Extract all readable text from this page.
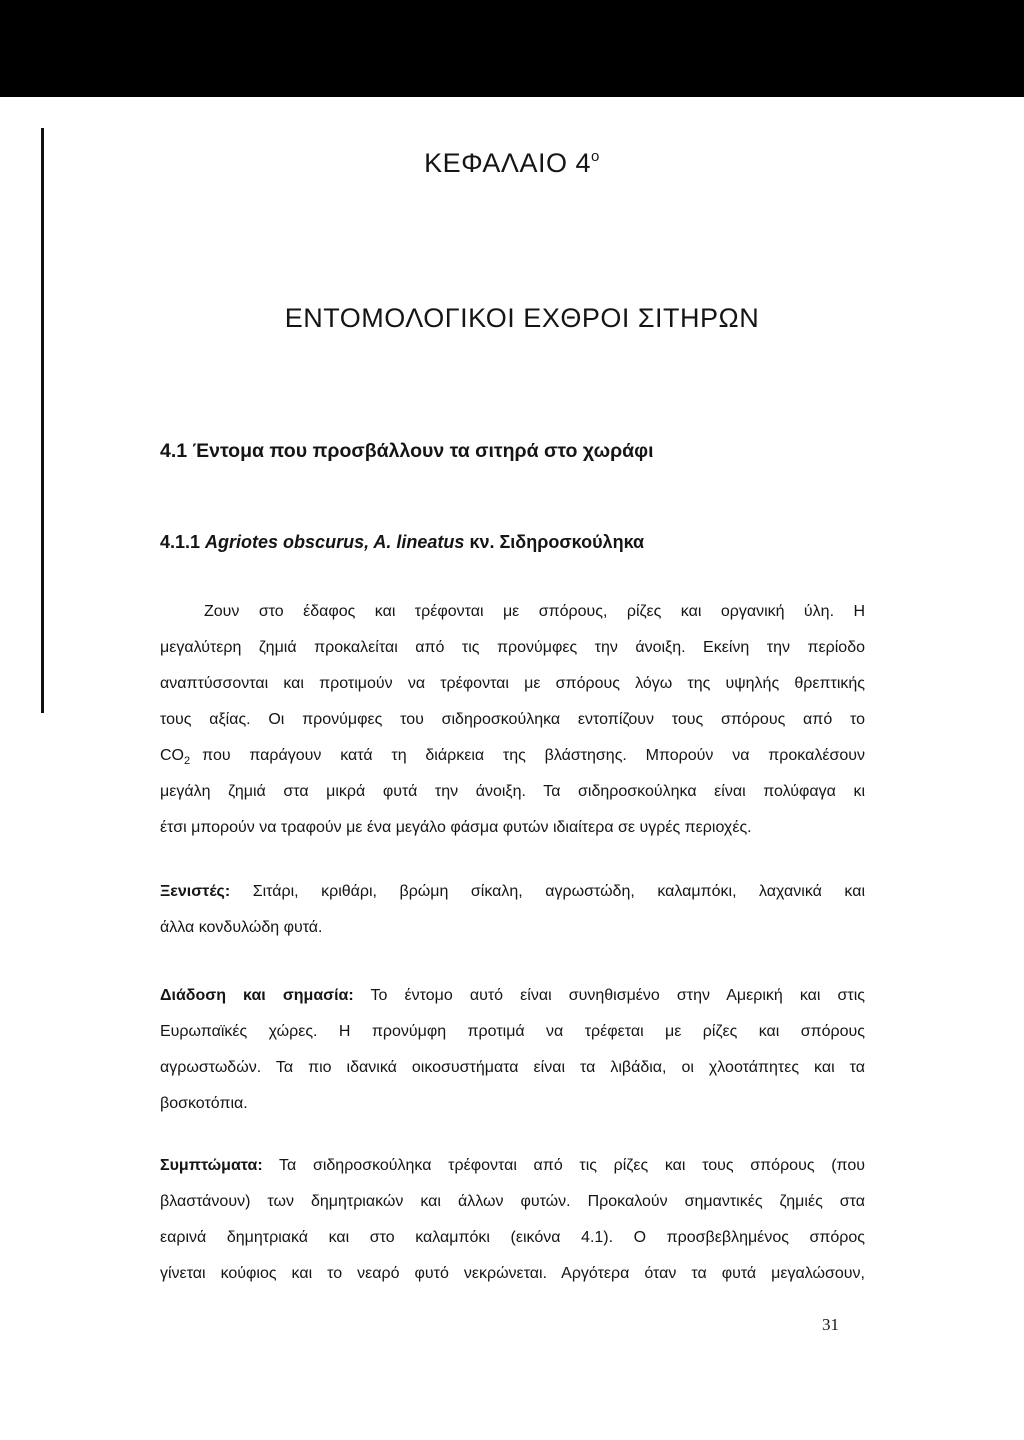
ΚΕΦΑΛΑΙΟ $4^o$
ΕΝΤΟΜΟΛΟΓΙΚΟΙ ΕΧΘΡΟΙ ΣΙΤΗΡΩΝ
4.1 Έντομα που προσβάλλουν τα σιτηρά στο χωράφι
4.1.1 Agriotes obscurus, A. lineatus κν. Σιδηροσκούληκα
Ζουν στο έδαφος και τρέφονται με σπόρους, ρίζες και οργανική ύλη. Η
μεγαλύτερη ζημιά προκαλείται από τις προνύμφες την άνοιξη. Εκείνη την περίοδο
αναπτύσσονται και προτιμούν να τρέφονται με σπόρους λόγω της υψηλής θρεπτικής
τους αξίας. Οι προνύμφες του σιδηροσκούληκα εντοπίζουν τους σπόρους από το
$CO_2$ που παράγουν κατά τη διάρκεια της βλάστησης. Μπορούν να προκαλέσουν
μεγάλη ζημιά στα μικρά φυτά την άνοιξη. Τα σιδηροσκούληκα είναι πολύφαγα κι
έτσι μπορούν να τραφούν με ένα μεγάλο φάσμα φυτών ιδιαίτερα σε υγρές περιοχές.
Ξενιστές: Σιτάρι, κριθάρι, βρώμη σίκαλη, αγρωστώδη, καλαμπόκι, λαχανικά και
άλλα κονδυλώδη φυτά.
Διάδοση και σημασία: Το έντομο αυτό είναι συνηθισμένο στην Αμερική και στις
Ευρωπαϊκές χώρες. Η προνύμφη προτιμά να τρέφεται με ρίζες και σπόρους
αγρωστωδών. Τα πιο ιδανικά οικοσυστήματα είναι τα λιβάδια, οι χλοοτάπητες και τα
βοσκοτόπια.
Συμπτώματα: Τα σιδηροσκούληκα τρέφονται από τις ρίζες και τους σπόρους (που
βλαστάνουν) των δημητριακών και άλλων φυτών. Προκαλούν σημαντικές ζημιές στα
εαρινά δημητριακά και στο καλαμπόκι (εικόνα 4.1). Ο προσβεβλημένος σπόρος
γίνεται κούφιος και το νεαρό φυτό νεκρώνεται. Αργότερα όταν τα φυτά μεγαλώσουν,
31
